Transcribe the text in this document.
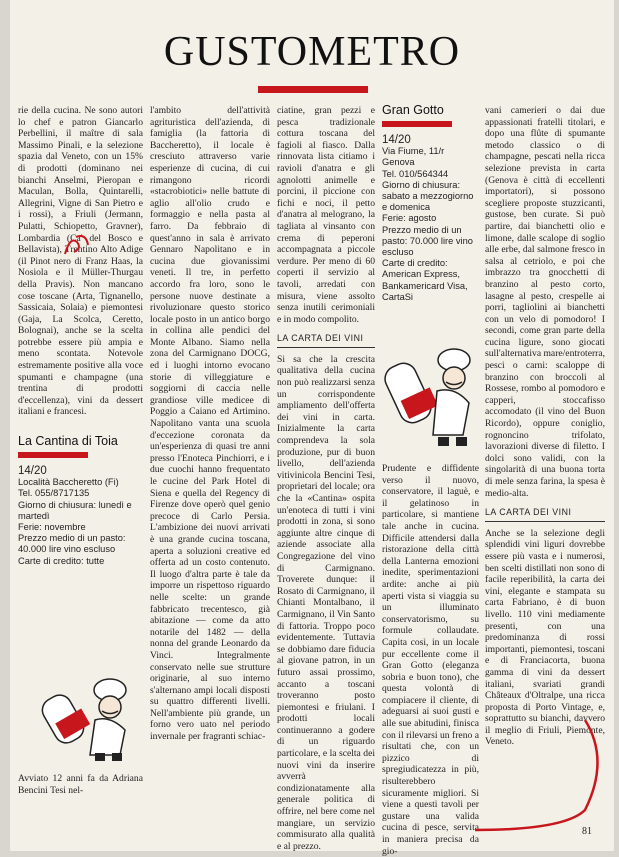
GUSTOMETRO

rie della cucina. Ne sono autori lo chef e patron Giancarlo Perbellini, il maître di sala Massimo Pinali, e la selezione spazia dal Veneto, con un 15% di prodotti (dominano nei bianchi Anselmi, Pieropan e Maculan, Bolla, Quintarelli, Allegrini, Vigne di San Pietro e i rossi), a Friuli (Jermann, Pulatti, Schiopetto, Gravner), Lombardia (Ca' del Bosco e Bellavista), Trentino Alto Adige (il Pinot nero di Franz Haas, la Nosiola e il Müller-Thurgau della Pravis). Non mancano cose toscane (Arta, Tignanello, Sassicaia, Solaia) e piemontesi (Gaja, La Scolca, Ceretto, Bolognai), anche se la scelta potrebbe essere più ampia e meno scontata. Notevole estremamente positive alla voce spumanti e champagne (una trentina di prodotti d'eccellenza), vini da dessert italiani e francesi.

La Cantina di Toia

14/20

Località Baccheretto (Fi)
Tel. 055/8717135
Giorno di chiusura: lunedì e martedì
Ferie: novembre
Prezzo medio di un pasto: 40.000 lire vino escluso
Carte di credito: tutte

Avviato 12 anni fa da Adriana Bencini Tesi nel-

l'ambito dell'attività agrituristica dell'azienda, di famiglia (la fattoria di Baccheretto), il locale è cresciuto attraverso varie esperienze di cucina, di cui rimangono ricordi «stacrobiotici» nelle battute di aglio all'olio crudo e formaggio e nella pasta al farro. Da febbraio di quest'anno in sala è arrivato Gennaro Napolitano e in cucina due giovanissimi veneti. Il tre, in perfetto accordo fra loro, sono le persone nuove destinate a rivoluzionare questo storico locale posto in un antico borgo in collina alle pendici del Monte Albano. Siamo nella zona del Carmignano DOCG, ed i luoghi intorno evocano storie di villeggiature e soggiorni di caccia nelle grandiose ville medicee di Poggio a Caiano ed Artimino. Napolitano vanta una scuola d'eccezione coronata da un'esperienza di quasi tre anni presso l'Enoteca Pinchiorri, e i due cuochi hanno frequentato le cucine del Park Hotel di Siena e quella del Regency di Firenze dove operò quel genio precoce di Carlo Persia. L'ambizione dei nuovi arrivati è una grande cucina toscana, aperta a soluzioni creative ed offerta ad un costo contenuto. Il luogo d'altra parte è tale da imporre un rispettoso riguardo nelle scelte: un grande fabbricato trecentesco, già abitazione — come da atto notarile del 1482 — della nonna del grande Leonardo da Vinci. Integralmente conservato nelle sue strutture originarie, al suo interno s'alternano ampi locali disposti su quattro differenti livelli. Nell'ambiente più grande, un forno vero uato nel periodo invernale per fragranti schiac-

ciatine, gran pezzi e pesca tradizionale cottura toscana del fagioli al fiasco. Dalla rinnovata lista citiamo i ravioli d'anatra e gli agnolotti animelle e porcini, il piccione con fichi e noci, il petto d'anatra al melograno, la tagliata al vinsanto con crema di peperoni accompagnata a piccole verdure. Per meno di 60 coperti il servizio al tavoli, arredati con misura, viene assolto senza inutili cerimoniali e in modo compolito.

LA CARTA DEI VINI

Si sa che la crescita qualitativa della cucina non può realizzarsi senza un corrispondente ampliamento dell'offerta dei vini in carta. Inizialmente la carta comprendeva la sola produzione, pur di buon livello, dell'azienda vitivinicola Bencini Tesi, proprietari del locale; ora che la «Cantina» ospita un'enoteca di tutti i vini prodotti in zona, si sono aggiunte altre cinque di aziende associate alla Congregazione del vino di Carmignano. Troverete dunque: il Rosato di Carmignano, il Chianti Montalbano, il Carmignano, il Vin Santo di fattoria. Troppo poco evidentemente. Tuttavia se dobbiamo dare fiducia al giovane patron, in un futuro assai prossimo, accanto a toscani troveranno posto piemontesi e friulani. I prodotti locali continueranno a godere di un riguardo particolare, e la scelta dei nuovi vini da inserire avverrà condizionatamente alla generale politica di offrire, nel bere come nel mangiare, un servizio commisurato alla qualità e al prezzo.

Gran Gotto

14/20

Via Fiume, 11/r
Genova
Tel. 010/564344
Giorno di chiusura: sabato a mezzogiorno e domenica
Ferie: agosto
Prezzo medio di un pasto: 70.000 lire vino escluso
Carte di credito: American Express, Bankamericard Visa, CartaSi

Prudente e diffidente verso il nuovo, conservatore, il laguè, e il gelatinoso in particolare, si mantiene tale anche in cucina. Difficile attendersi dalla ristorazione della città della Lanterna emozioni inedite, sperimentazioni ardite: anche ai più aperti vista si viaggia su un illuminato conservatorismo, su formule collaudate. Capita così, in un locale pur eccellente come il Gran Gotto (eleganza sobria e buon tono), che questa volontà di compiacere il cliente, di adeguarsi ai suoi gusti e alle sue abitudini, finisca con il rilevarsi un freno a risultati che, con un pizzico di spregiudicatezza in più, risulterebbero sicuramente migliori. Si viene a questi tavoli per gustare una valida cucina di pesce, servita in maniera precisa da gio-

vani camerieri o dai due appassionati fratelli titolari, e dopo una flûte di spumante metodo classico o di champagne, pescati nella ricca selezione prevista in carta (Genova è città di eccellenti importatori), si possono scegliere proposte stuzzicanti, gustose, ben curate. Si può partire, dai bianchetti olio e limone, dalle scalope di soglio alle erbe, dal salmone fresco in salsa al cetriolo, e poi che imbrazzo tra gnocchetti di branzino al pesto corto, lasagne al pesto, crespelle ai porri, tagliolini ai bianchetti con un velo di pomodoro! I secondi, come gran parte della cucina ligure, sono giocati sull'alternativa mare/entroterra, pesci o carni: scaloppe di branzino con broccoli al Rossese, rombo al pomodoro e capperi, stoccafisso accomodato (il vino del Buon Ricordo), oppure coniglio, rognoncino trifolato, lavorazioni diverse di filetto. I dolci sono validi, con la singolarità di una buona torta di mele senza farina, la spesa è medio-alta.

LA CARTA DEI VINI

Anche se la selezione degli splendidi vini liguri dovrebbe essere più vasta e i numerosi, ben scelti distillati non sono di facile reperibilità, la carta dei vini, elegante e stampata su carta Fabriano, è di buon livello. 110 vini mediamente presenti, con una predominanza di rossi importanti, piemontesi, toscani e di Franciacorta, buona gamma di vini da dessert italiani, svariati grandi Châteaux d'Oltralpe, una ricca proposta di Porto Vintage, e, soprattutto su bianchi, davvero il meglio di Friuli, Piemonte, Veneto.

81
